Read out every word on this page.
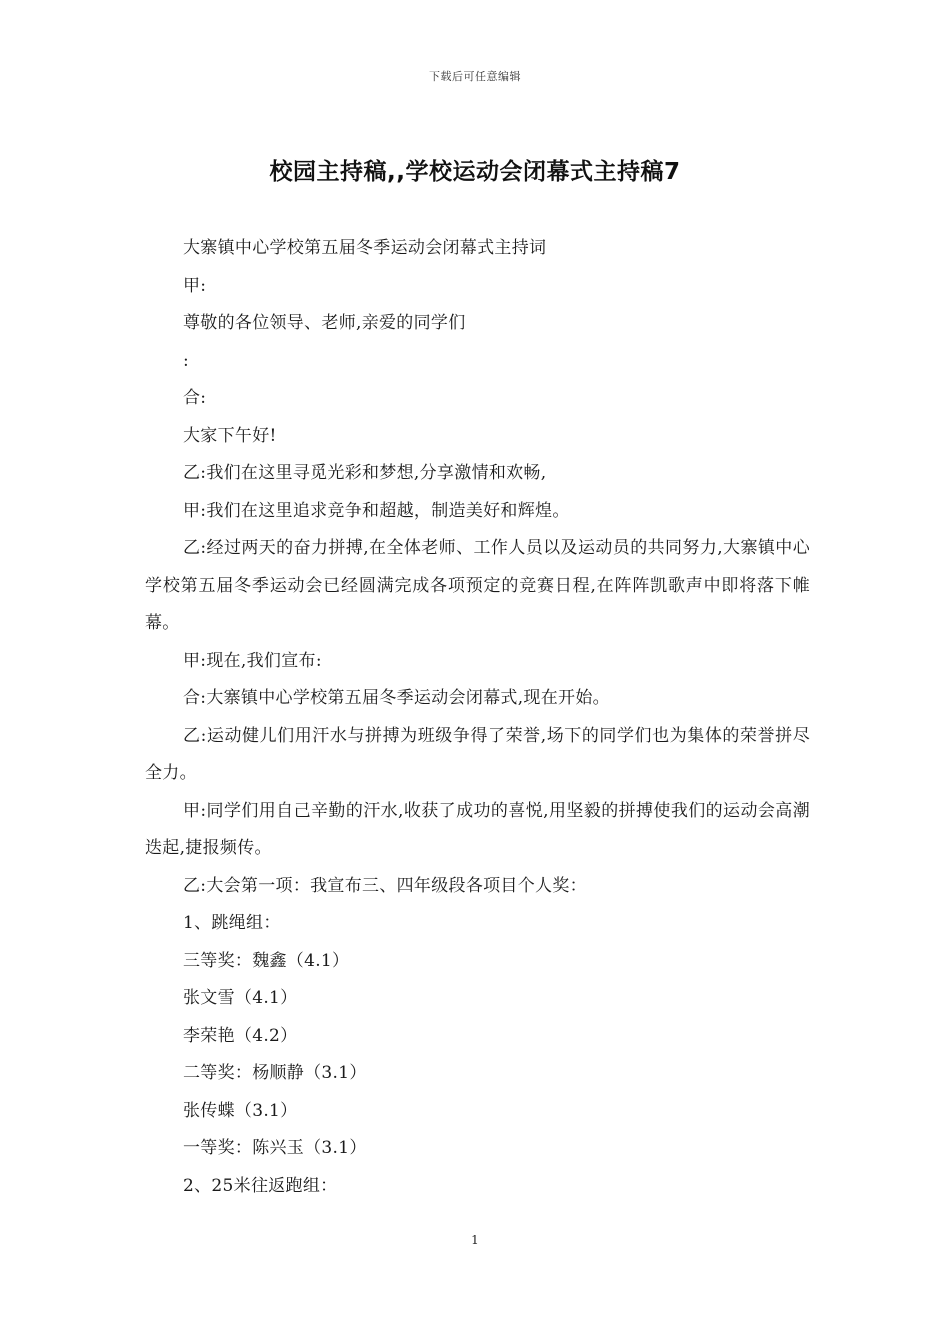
下载后可任意编辑
校园主持稿,,学校运动会闭幕式主持稿7

大寨镇中心学校第五届冬季运动会闭幕式主持词

甲:

尊敬的各位领导、老师,亲爱的同学们

:

合:

大家下午好!

乙:我们在这里寻觅光彩和梦想,分享激情和欢畅,

甲:我们在这里追求竞争和超越，制造美好和辉煌。

乙:经过两天的奋力拼搏,在全体老师、工作人员以及运动员的共同努力,大寨镇中心学校第五届冬季运动会已经圆满完成各项预定的竞赛日程,在阵阵凯歌声中即将落下帷幕。

甲:现在,我们宣布:

合:大寨镇中心学校第五届冬季运动会闭幕式,现在开始。

乙:运动健儿们用汗水与拼搏为班级争得了荣誉,场下的同学们也为集体的荣誉拼尽全力。

甲:同学们用自己辛勤的汗水,收获了成功的喜悦,用坚毅的拼搏使我们的运动会高潮迭起,捷报频传。

乙:大会第一项：我宣布三、四年级段各项目个人奖：

1、跳绳组：

三等奖：魏鑫（4.1）

张文雪（4.1）

李荣艳（4.2）

二等奖：杨顺静（3.1）

张传蝶（3.1）

一等奖：陈兴玉（3.1）

2、25米往返跑组：

1
